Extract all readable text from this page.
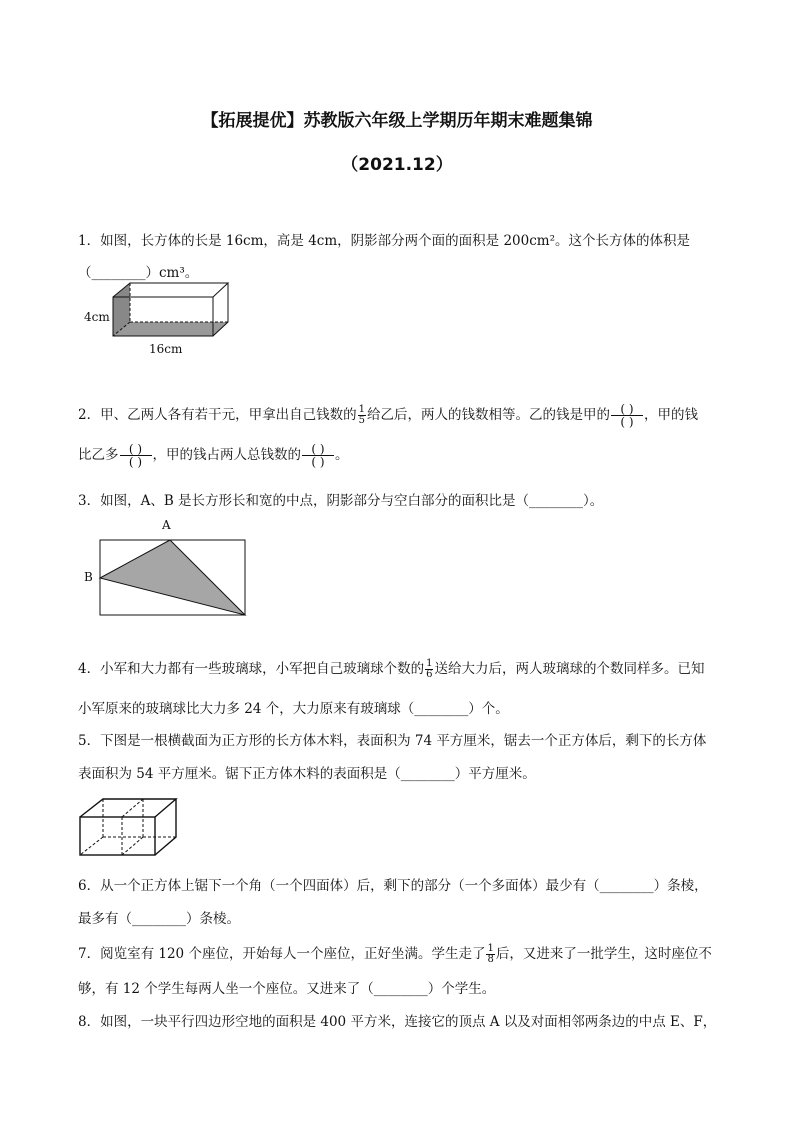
【拓展提优】苏教版六年级上学期历年期末难题集锦
（2021.12）
1．如图，长方体的长是 16cm，高是 4cm，阴影部分两个面的面积是 200cm²。这个长方体的体积是
（________）cm³。
4cm
16cm
2．甲、乙两人各有若干元，甲拿出自己钱数的 $\frac{1}{5}$ 给乙后，两人的钱数相等。乙的钱是甲的 $\frac{( )}{( )}$ ，甲的钱
比乙多 $\frac{( )}{( )}$ ，甲的钱占两人总钱数的 $\frac{( )}{( )}$ 。
3．如图，A、B 是长方形长和宽的中点，阴影部分与空白部分的面积比是（________）。
A
B
4．小军和大力都有一些玻璃球，小军把自己玻璃球个数的 $\frac{1}{6}$ 送给大力后，两人玻璃球的个数同样多。已知
小军原来的玻璃球比大力多 24 个，大力原来有玻璃球（________）个。
5．下图是一根横截面为正方形的长方体木料，表面积为 74 平方厘米，锯去一个正方体后，剩下的长方体
表面积为 54 平方厘米。锯下正方体木料的表面积是（________）平方厘米。
6．从一个正方体上锯下一个角（一个四面体）后，剩下的部分（一个多面体）最少有（________）条棱，
最多有（________）条棱。
7．阅览室有 120 个座位，开始每人一个座位，正好坐满。学生走了 $\frac{1}{8}$ 后，又进来了一批学生，这时座位不
够，有 12 个学生每两人坐一个座位。又进来了（________）个学生。
8．如图，一块平行四边形空地的面积是 400 平方米，连接它的顶点 A 以及对面相邻两条边的中点 E、F，
